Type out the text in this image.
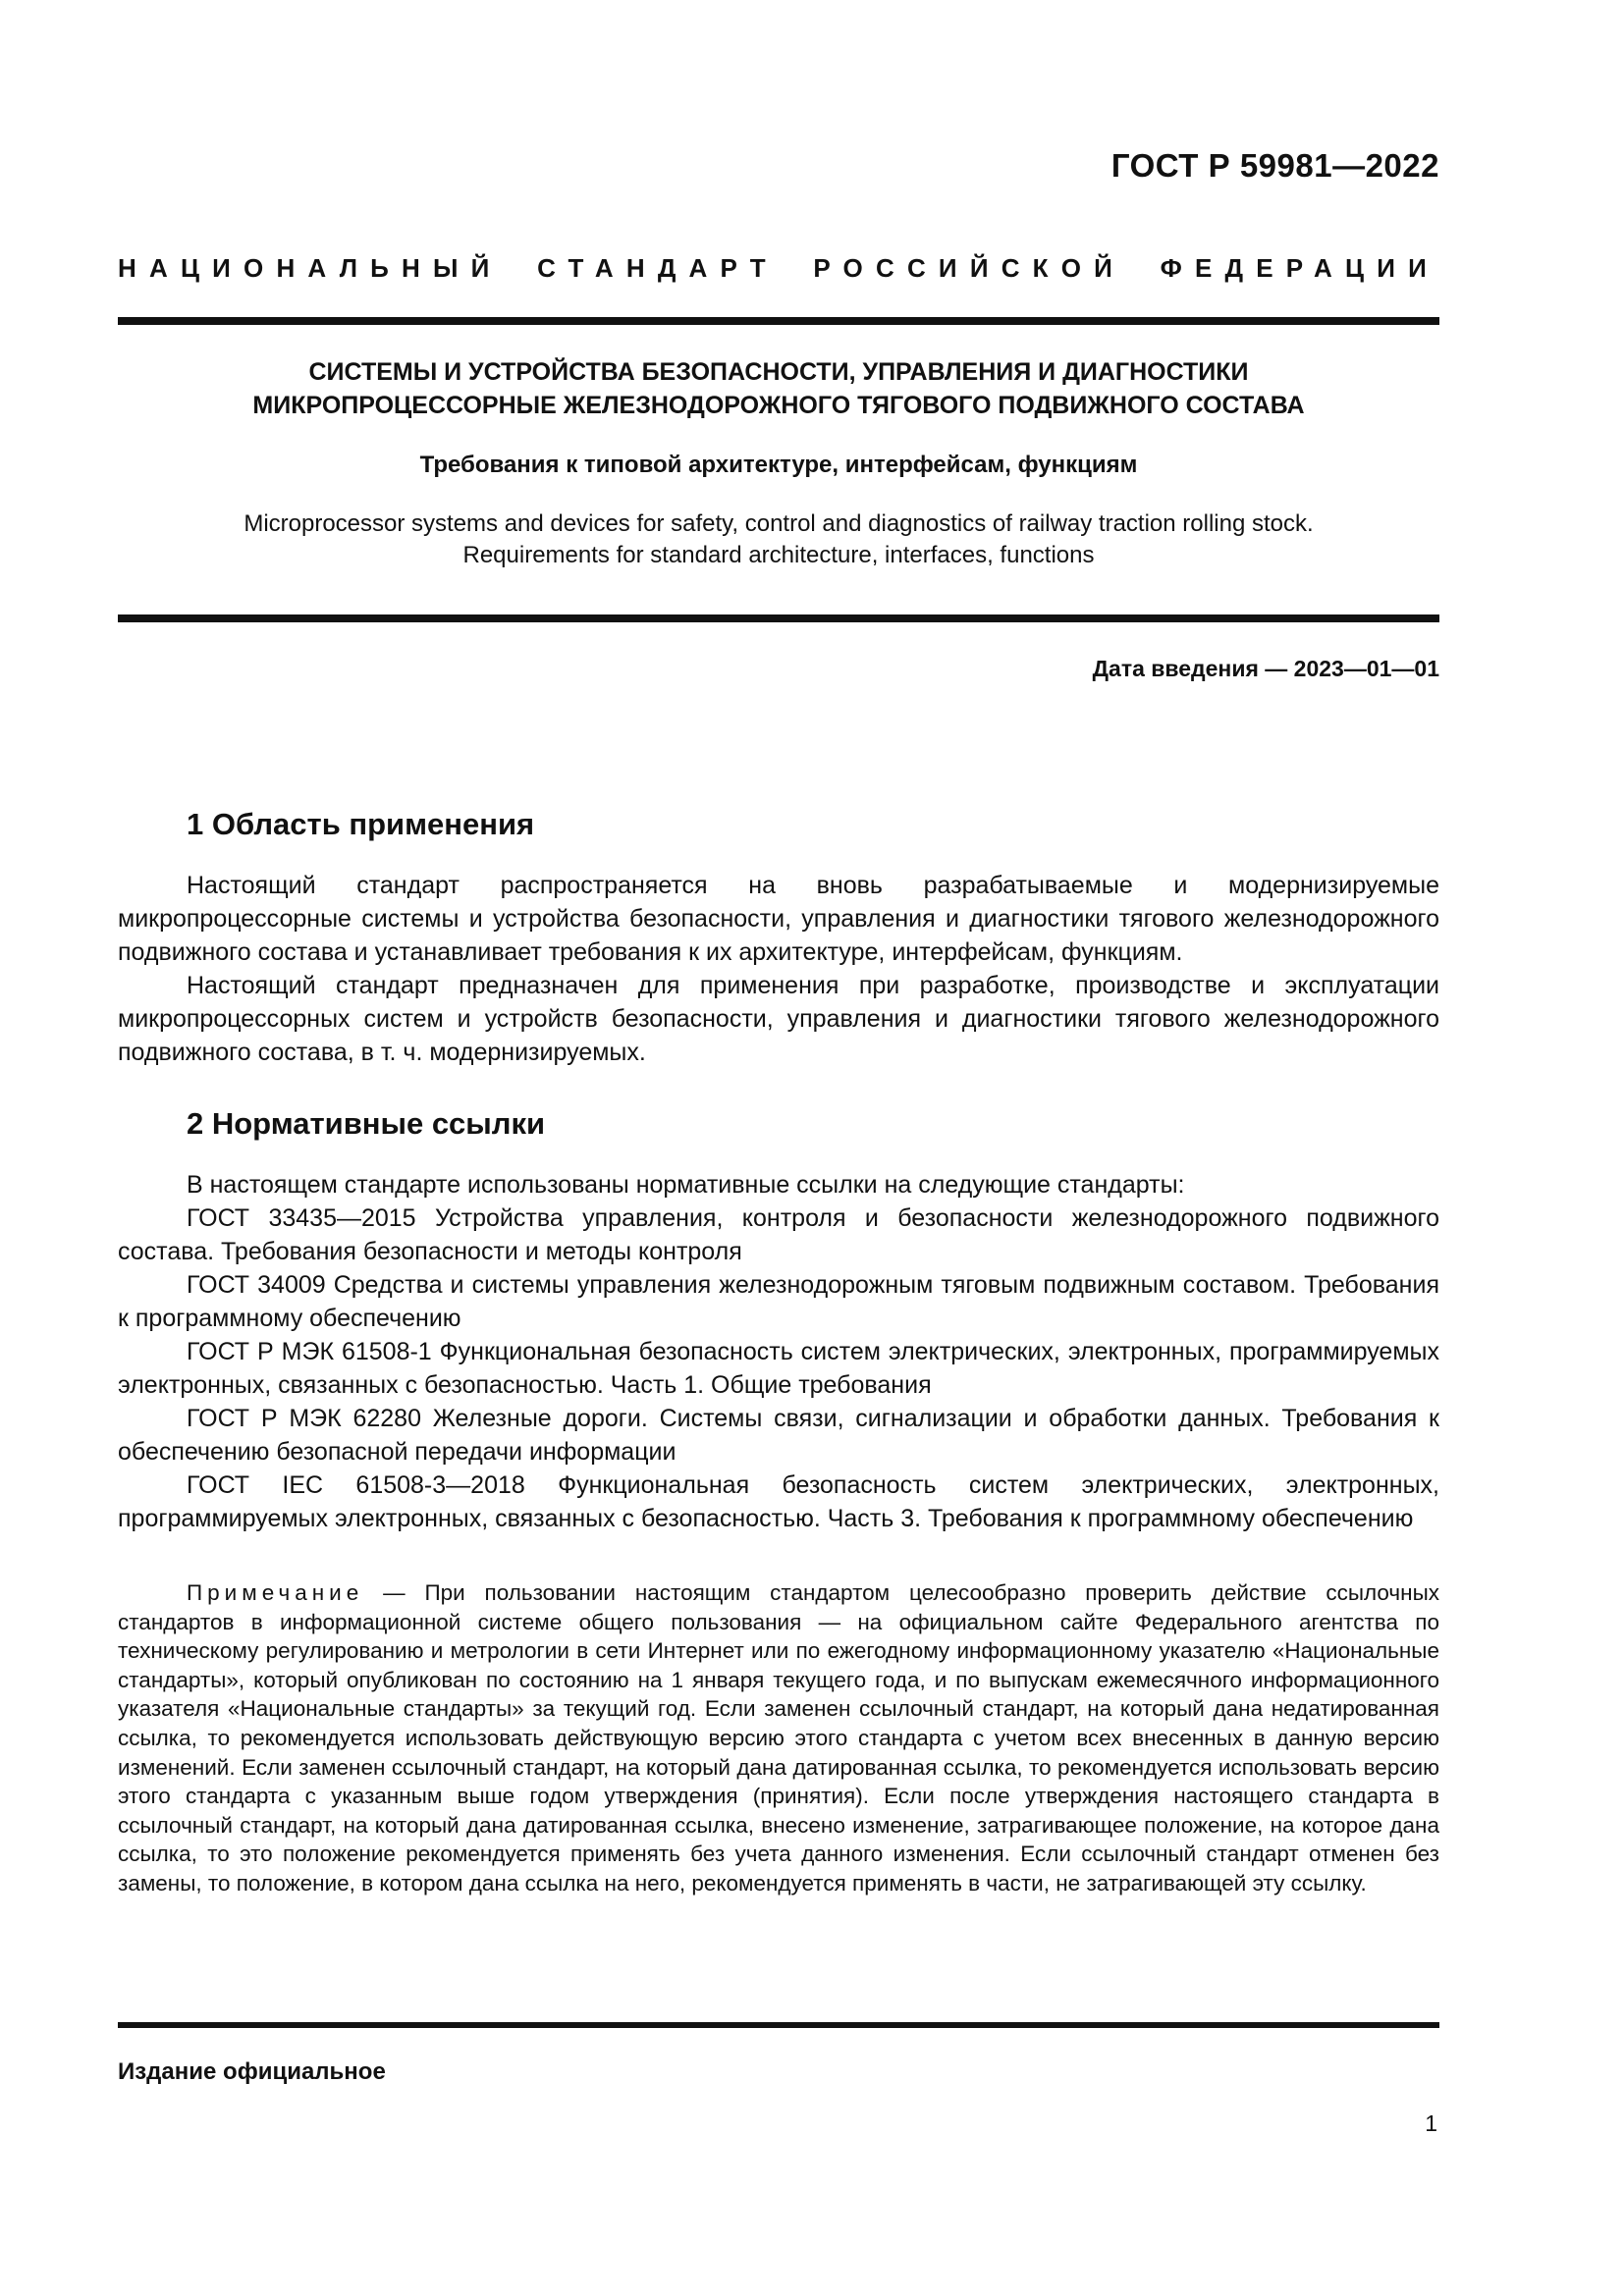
ГОСТ Р 59981—2022
НАЦИОНАЛЬНЫЙ СТАНДАРТ РОССИЙСКОЙ ФЕДЕРАЦИИ

СИСТЕМЫ И УСТРОЙСТВА БЕЗОПАСНОСТИ, УПРАВЛЕНИЯ И ДИАГНОСТИКИ

МИКРОПРОЦЕССОРНЫЕ ЖЕЛЕЗНОДОРОЖНОГО ТЯГОВОГО ПОДВИЖНОГО СОСТАВА

Требования к типовой архитектуре, интерфейсам, функциям
Microprocessor systems and devices for safety, control and diagnostics of railway traction rolling stock.
Requirements for standard architecture, interfaces, functions
Дата введения — 2023—01—01
1 Область применения

Настоящий стандарт распространяется на вновь разрабатываемые и модернизируемые микропроцессорные системы и устройства безопасности, управления и диагностики тягового железнодорожного подвижного состава и устанавливает требования к их архитектуре, интерфейсам, функциям.

Настоящий стандарт предназначен для применения при разработке, производстве и эксплуатации микропроцессорных систем и устройств безопасности, управления и диагностики тягового железнодорожного подвижного состава, в т. ч. модернизируемых.

2 Нормативные ссылки

В настоящем стандарте использованы нормативные ссылки на следующие стандарты:

ГОСТ 33435—2015 Устройства управления, контроля и безопасности железнодорожного подвижного состава. Требования безопасности и методы контроля

ГОСТ 34009 Средства и системы управления железнодорожным тяговым подвижным составом. Требования к программному обеспечению

ГОСТ Р МЭК 61508-1 Функциональная безопасность систем электрических, электронных, программируемых электронных, связанных с безопасностью. Часть 1. Общие требования

ГОСТ Р МЭК 62280 Железные дороги. Системы связи, сигнализации и обработки данных. Требования к обеспечению безопасной передачи информации

ГОСТ IEC 61508-3—2018 Функциональная безопасность систем электрических, электронных, программируемых электронных, связанных с безопасностью. Часть 3. Требования к программному обеспечению

Примечание — При пользовании настоящим стандартом целесообразно проверить действие ссылочных стандартов в информационной системе общего пользования — на официальном сайте Федерального агентства по техническому регулированию и метрологии в сети Интернет или по ежегодному информационному указателю «Национальные стандарты», который опубликован по состоянию на 1 января текущего года, и по выпускам ежемесячного информационного указателя «Национальные стандарты» за текущий год. Если заменен ссылочный стандарт, на который дана недатированная ссылка, то рекомендуется использовать действующую версию этого стандарта с учетом всех внесенных в данную версию изменений. Если заменен ссылочный стандарт, на который дана датированная ссылка, то рекомендуется использовать версию этого стандарта с указанным выше годом утверждения (принятия). Если после утверждения настоящего стандарта в ссылочный стандарт, на который дана датированная ссылка, внесено изменение, затрагивающее положение, на которое дана ссылка, то это положение рекомендуется применять без учета данного изменения. Если ссылочный стандарт отменен без замены, то положение, в котором дана ссылка на него, рекомендуется применять в части, не затрагивающей эту ссылку.

Издание официальное
1
